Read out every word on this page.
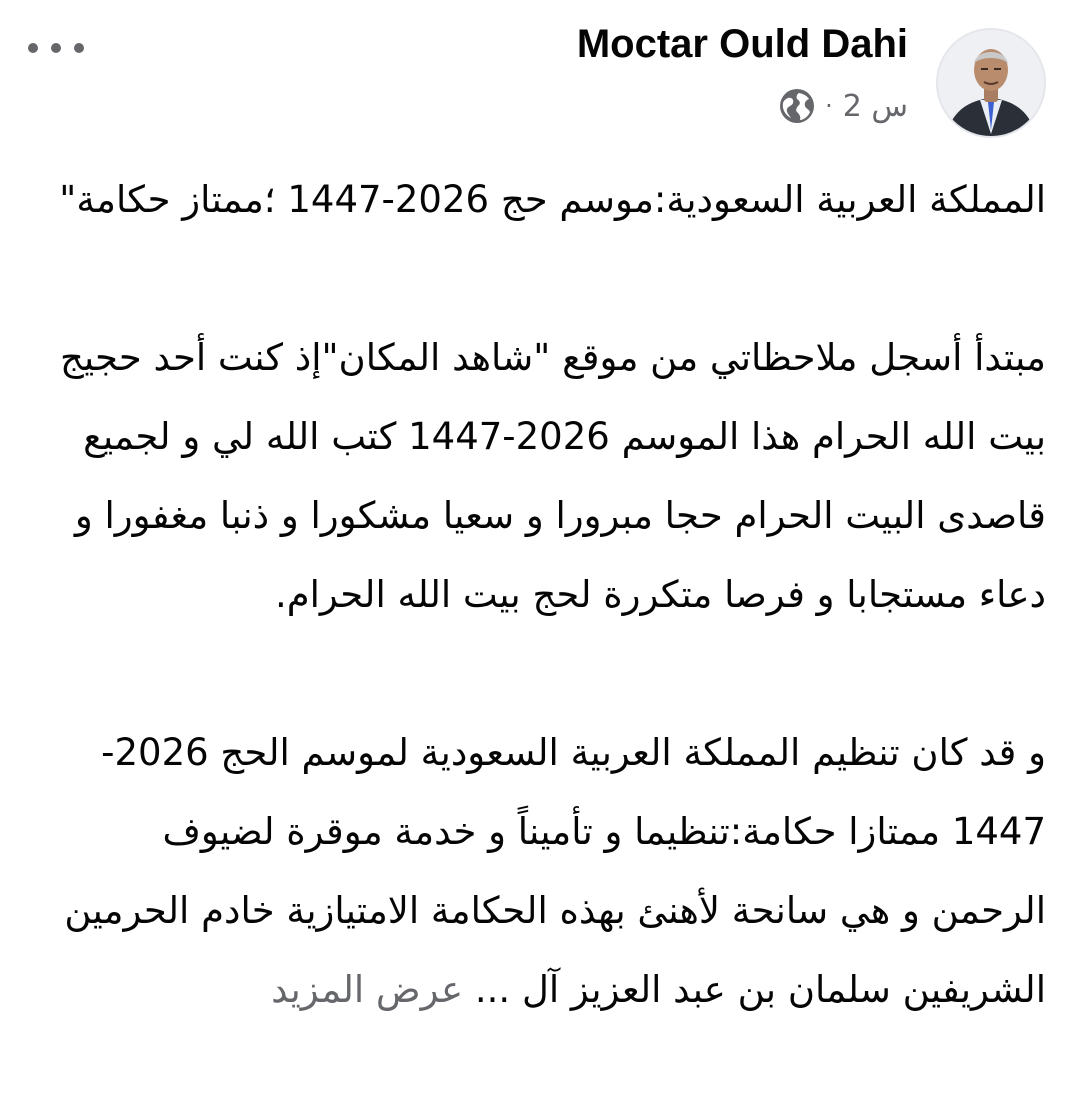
Moctar Ould Dahi
· 2 س

المملكة العربية السعودية:موسم حج 2026-1447 ؛ممتاز حكامة"

مبتدأ أسجل ملاحظاتي من موقع "شاهد المكان"إذ كنت أحد حجيج بيت الله الحرام هذا الموسم 2026-1447 كتب الله لي و لجميع قاصدى البيت الحرام حجا مبرورا و سعيا مشكورا و ذنبا مغفورا و دعاء مستجابا و فرصا متكررة لحج بيت الله الحرام.

و قد كان تنظيم المملكة العربية السعودية لموسم الحج 2026-1447 ممتازا حكامة:تنظيما و تأميناً و خدمة موقرة لضيوف الرحمن و هي سانحة لأهنئ بهذه الحكامة الامتيازية خادم الحرمين الشريفين سلمان بن عبد العزيز آل ... عرض المزيد
